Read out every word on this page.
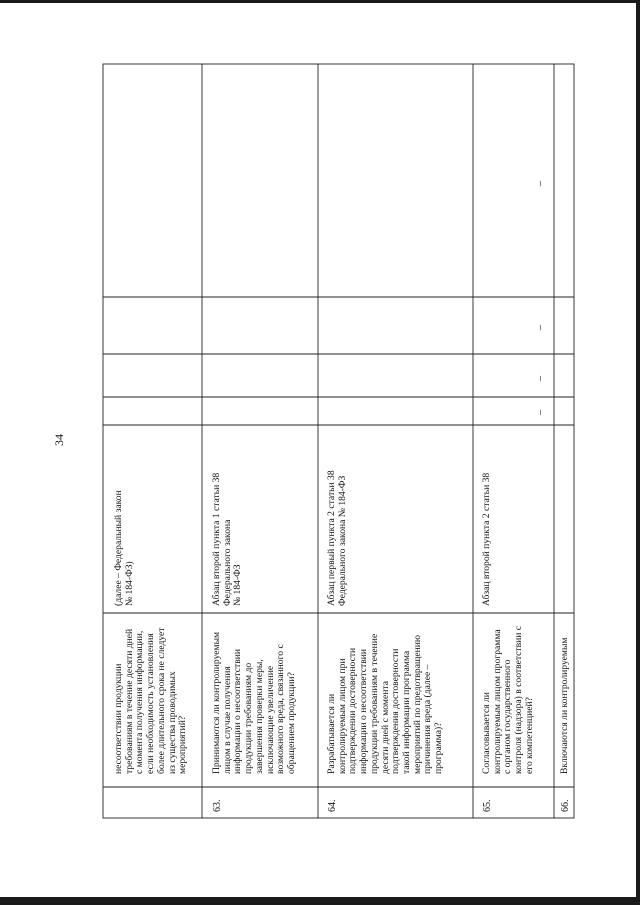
34
несоответствии продукции требованиям в течение десяти дней с момента получения информации, если необходимость установления более длительного срока не следует из существа проводимых мероприятий?
(далее – Федеральный закон № 184-ФЗ)
63.
Принимаются ли контролируемым лицом в случае получения информации о несоответствии продукции требованиям до завершения проверки меры, исключающие увеличение возможного вреда, связанного с обращением продукции?
Абзац второй пункта 1 статьи 38 Федерального закона № 184-ФЗ
64.
Разрабатывается ли контролируемым лицом при подтверждении достоверности информации о несоответствии продукции требованиям в течение десяти дней с момента подтверждения достоверности такой информации программа мероприятий по предотвращению причинения вреда (далее – программа)?
Абзац первый пункта 2 статьи 38 Федерального закона № 184-ФЗ
65.
Согласовывается ли контролируемым лицом программа с органом государственного контроля (надзора) в соответствии с его компетенцией?
Абзац второй пункта 2 статьи 38
–
–
–
–
66.
Включаются ли контролируемым
